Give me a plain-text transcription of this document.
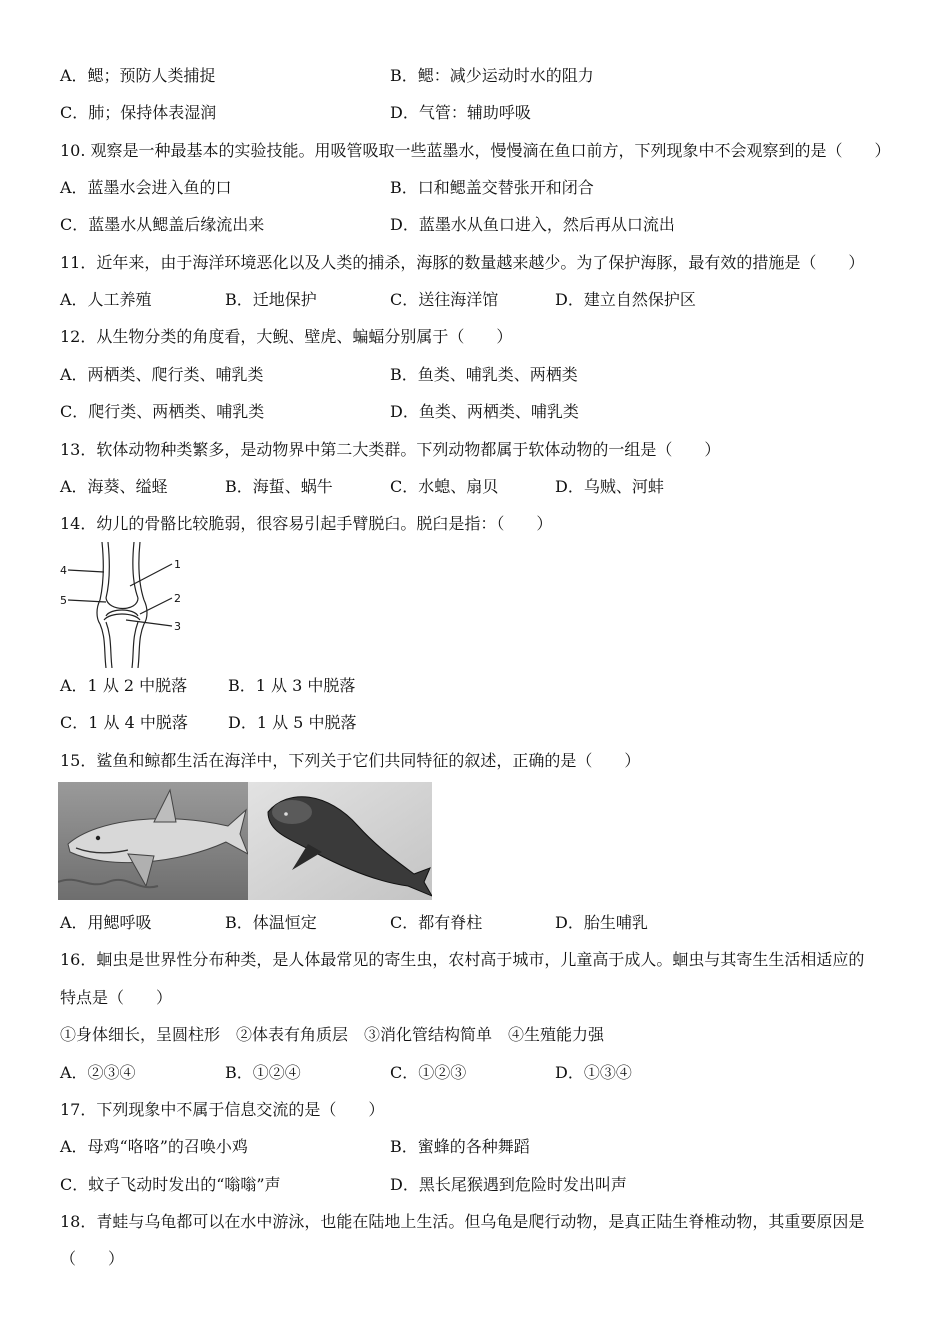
A．鳃；预防人类捕捉	B．鳃：减少运动时水的阻力
C．肺；保持体表湿润	D．气管：辅助呼吸
10. 观察是一种最基本的实验技能。用吸管吸取一些蓝墨水，慢慢滴在鱼口前方，下列现象中不会观察到的是（　　）
A．蓝墨水会进入鱼的口	B．口和鳃盖交替张开和闭合
C．蓝墨水从鳃盖后缘流出来	D．蓝墨水从鱼口进入，然后再从口流出
11．近年来，由于海洋环境恶化以及人类的捕杀，海豚的数量越来越少。为了保护海豚，最有效的措施是（　　）
A．人工养殖	B．迁地保护	C．送往海洋馆	D．建立自然保护区
12．从生物分类的角度看，大鲵、壁虎、蝙蝠分别属于（　　）
A．两栖类、爬行类、哺乳类	B．鱼类、哺乳类、两栖类
C．爬行类、两栖类、哺乳类	D．鱼类、两栖类、哺乳类
13．软体动物种类繁多，是动物界中第二大类群。下列动物都属于软体动物的一组是（　　）
A．海葵、缢蛏	B．海蜇、蜗牛	C．水螅、扇贝	D．乌贼、河蚌
14．幼儿的骨骼比较脆弱，很容易引起手臂脱臼。脱臼是指：（　　）
1
2
3
4
5
A．1 从 2 中脱落	B．1 从 3 中脱落
C．1 从 4 中脱落	D．1 从 5 中脱落
15．鲨鱼和鲸都生活在海洋中，下列关于它们共同特征的叙述，正确的是（　　）
A．用鳃呼吸	B．体温恒定	C．都有脊柱	D．胎生哺乳
16．蛔虫是世界性分布种类，是人体最常见的寄生虫，农村高于城市，儿童高于成人。蛔虫与其寄生生活相适应的
特点是（　　）
①身体细长，呈圆柱形　②体表有角质层　③消化管结构简单　④生殖能力强
A．②③④	B．①②④	C．①②③	D．①③④
17．下列现象中不属于信息交流的是（　　）
A．母鸡“咯咯”的召唤小鸡	B．蜜蜂的各种舞蹈
C．蚊子飞动时发出的“嗡嗡”声	D．黑长尾猴遇到危险时发出叫声
18．青蛙与乌龟都可以在水中游泳，也能在陆地上生活。但乌龟是爬行动物，是真正陆生脊椎动物，其重要原因是
（　　）
